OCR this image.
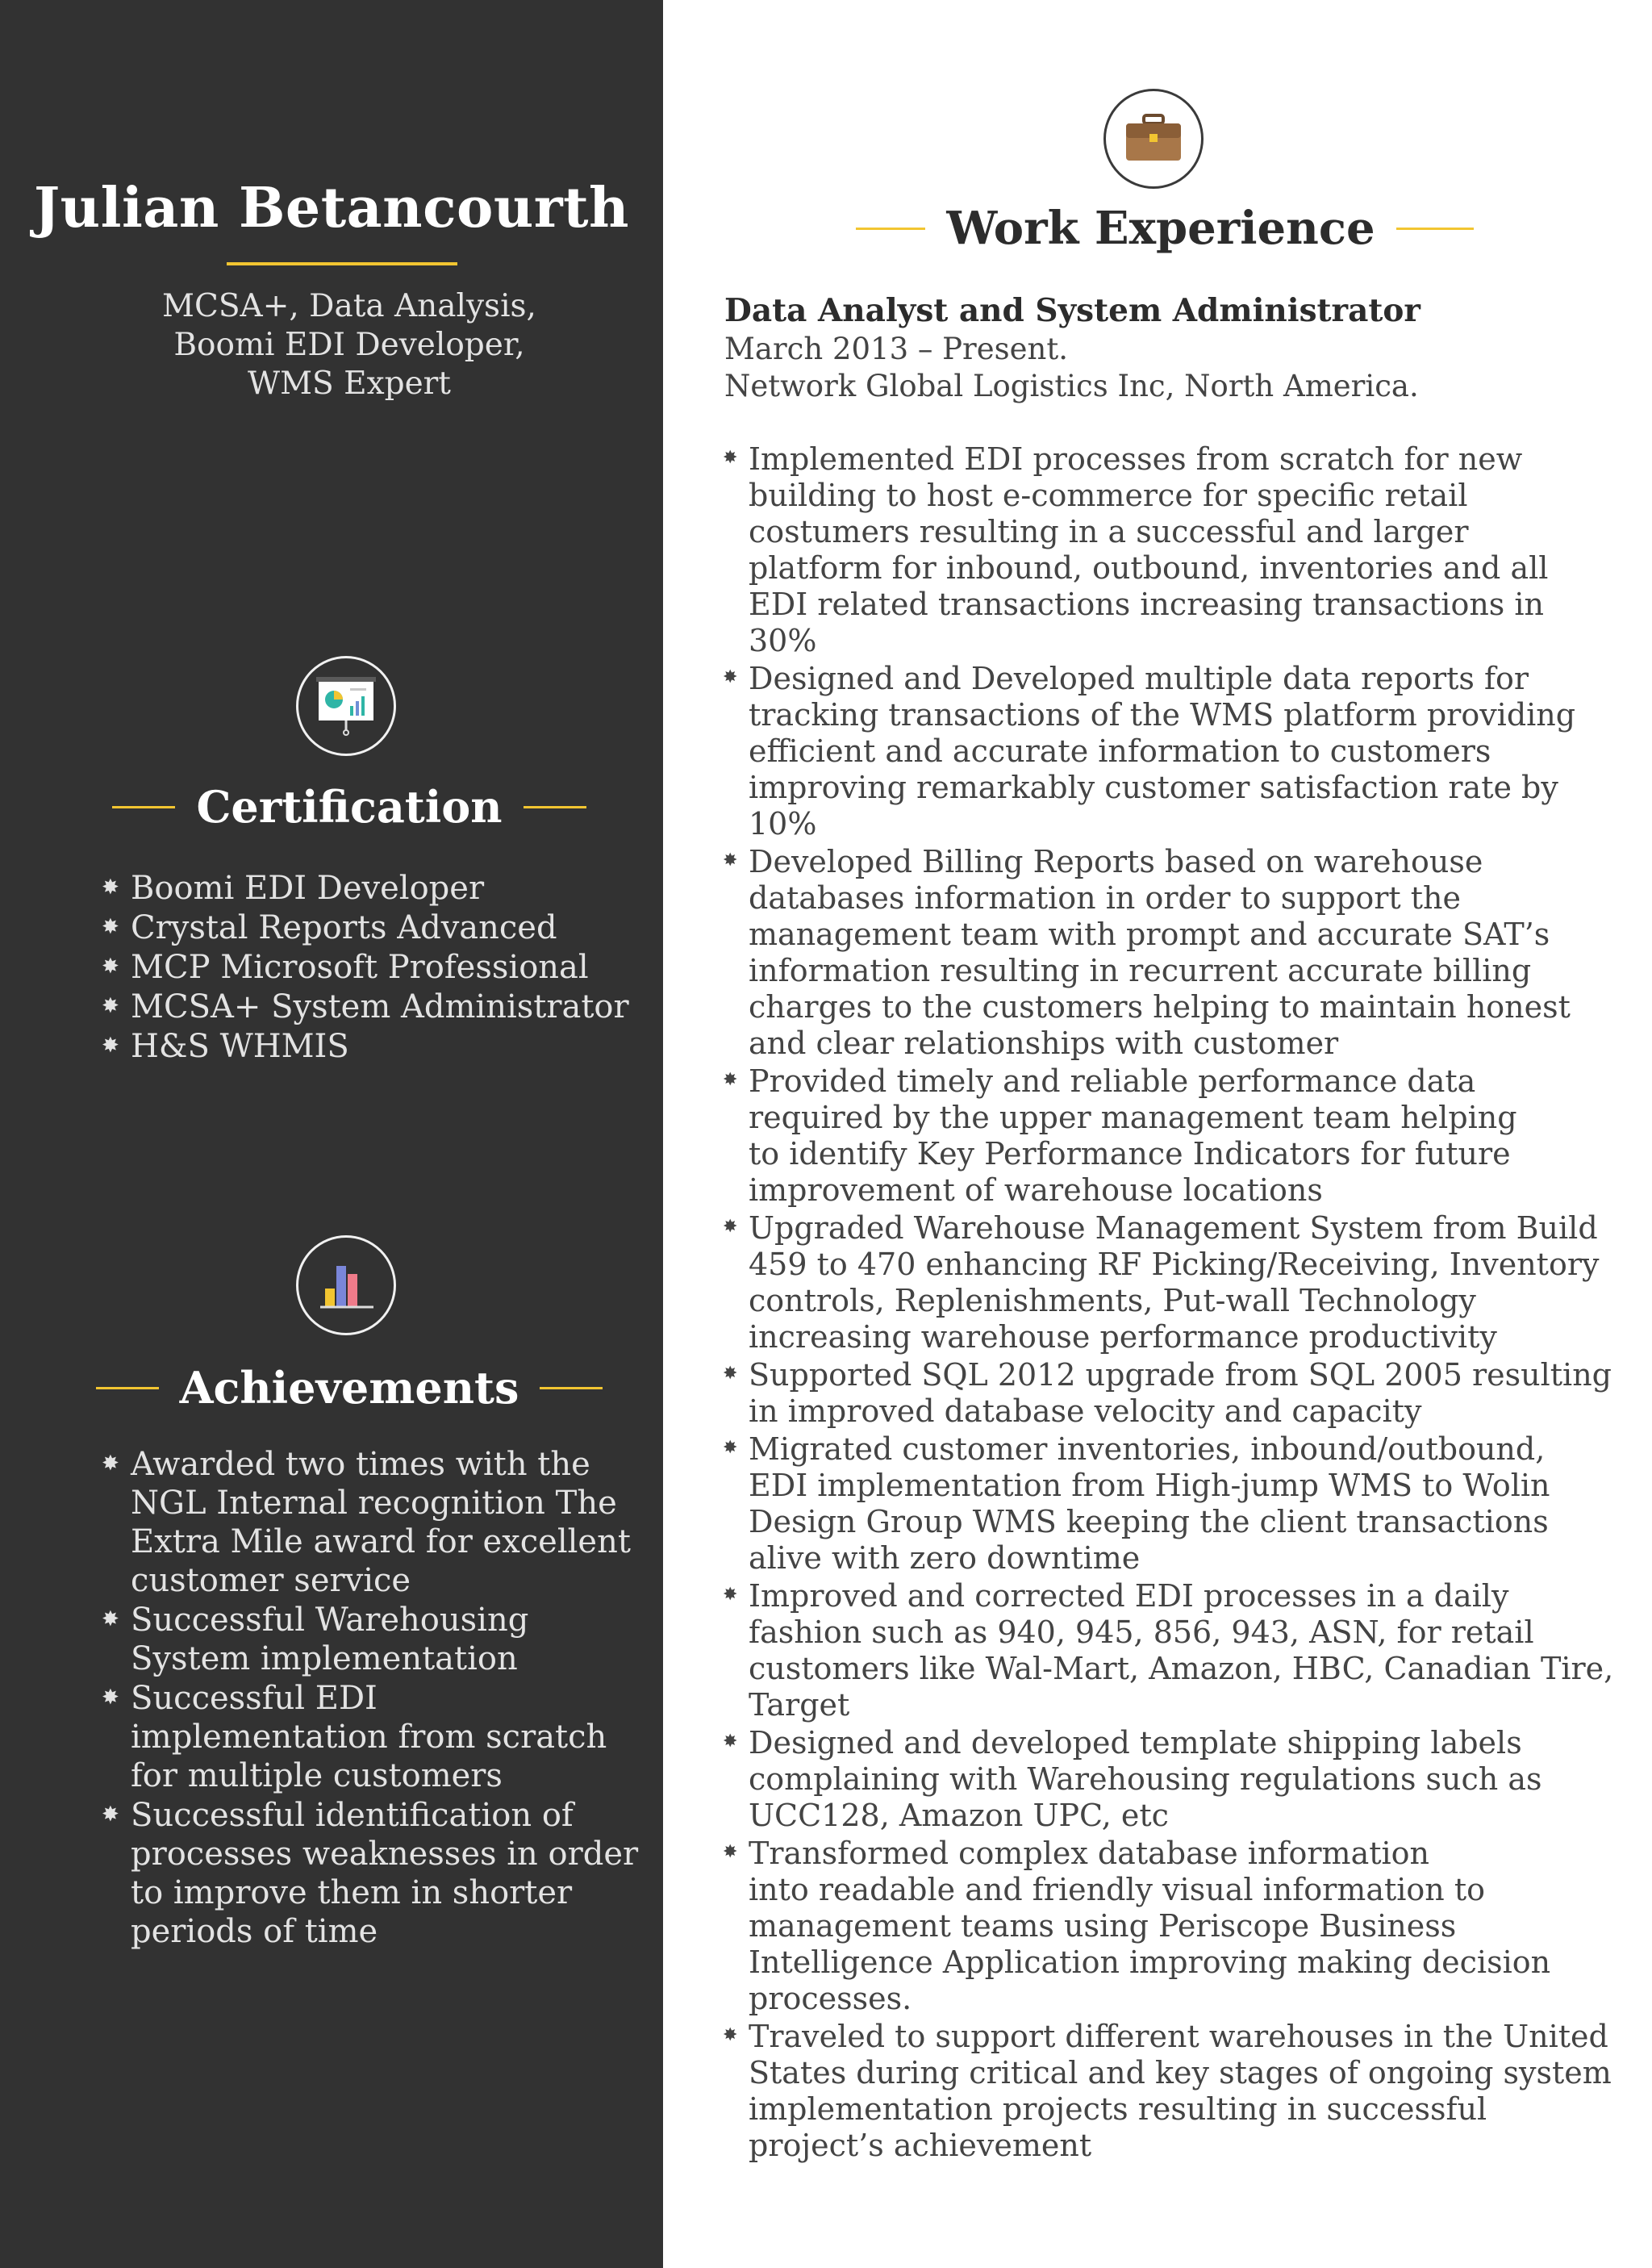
Julian Betancourth
MCSA+, Data Analysis,
Boomi EDI Developer,
WMS Expert
Certification
✸ Boomi EDI Developer
✸ Crystal Reports Advanced
✸ MCP Microsoft Professional
✸ MCSA+ System Administrator
✸ H&S WHMIS
Achievements
✸ Awarded two times with the
NGL Internal recognition The
Extra Mile award for excellent
customer service
✸ Successful Warehousing
System implementation
✸ Successful EDI
implementation from scratch
for multiple customers
✸ Successful identification of
processes weaknesses in order
to improve them in shorter
periods of time
Work Experience
Data Analyst and System Administrator
March 2013 – Present.
Network Global Logistics Inc, North America.
✸ Implemented EDI processes from scratch for new
building to host e-commerce for specific retail
costumers resulting in a successful and larger
platform for inbound, outbound, inventories and all
EDI related transactions increasing transactions in
30%
✸ Designed and Developed multiple data reports for
tracking transactions of the WMS platform providing
efficient and accurate information to customers
improving remarkably customer satisfaction rate by
10%
✸ Developed Billing Reports based on warehouse
databases information in order to support the
management team with prompt and accurate SAT’s
information resulting in recurrent accurate billing
charges to the customers helping to maintain honest
and clear relationships with customer
✸ Provided timely and reliable performance data
required by the upper management team helping
to identify Key Performance Indicators for future
improvement of warehouse locations
✸ Upgraded Warehouse Management System from Build
459 to 470 enhancing RF Picking/Receiving, Inventory
controls, Replenishments, Put-wall Technology
increasing warehouse performance productivity
✸ Supported SQL 2012 upgrade from SQL 2005 resulting
in improved database velocity and capacity
✸ Migrated customer inventories, inbound/outbound,
EDI implementation from High-jump WMS to Wolin
Design Group WMS keeping the client transactions
alive with zero downtime
✸ Improved and corrected EDI processes in a daily
fashion such as 940, 945, 856, 943, ASN, for retail
customers like Wal-Mart, Amazon, HBC, Canadian Tire,
Target
✸ Designed and developed template shipping labels
complaining with Warehousing regulations such as
UCC128, Amazon UPC, etc
✸ Transformed complex database information
into readable and friendly visual information to
management teams using Periscope Business
Intelligence Application improving making decision
processes.
✸ Traveled to support different warehouses in the United
States during critical and key stages of ongoing system
implementation projects resulting in successful
project’s achievement
